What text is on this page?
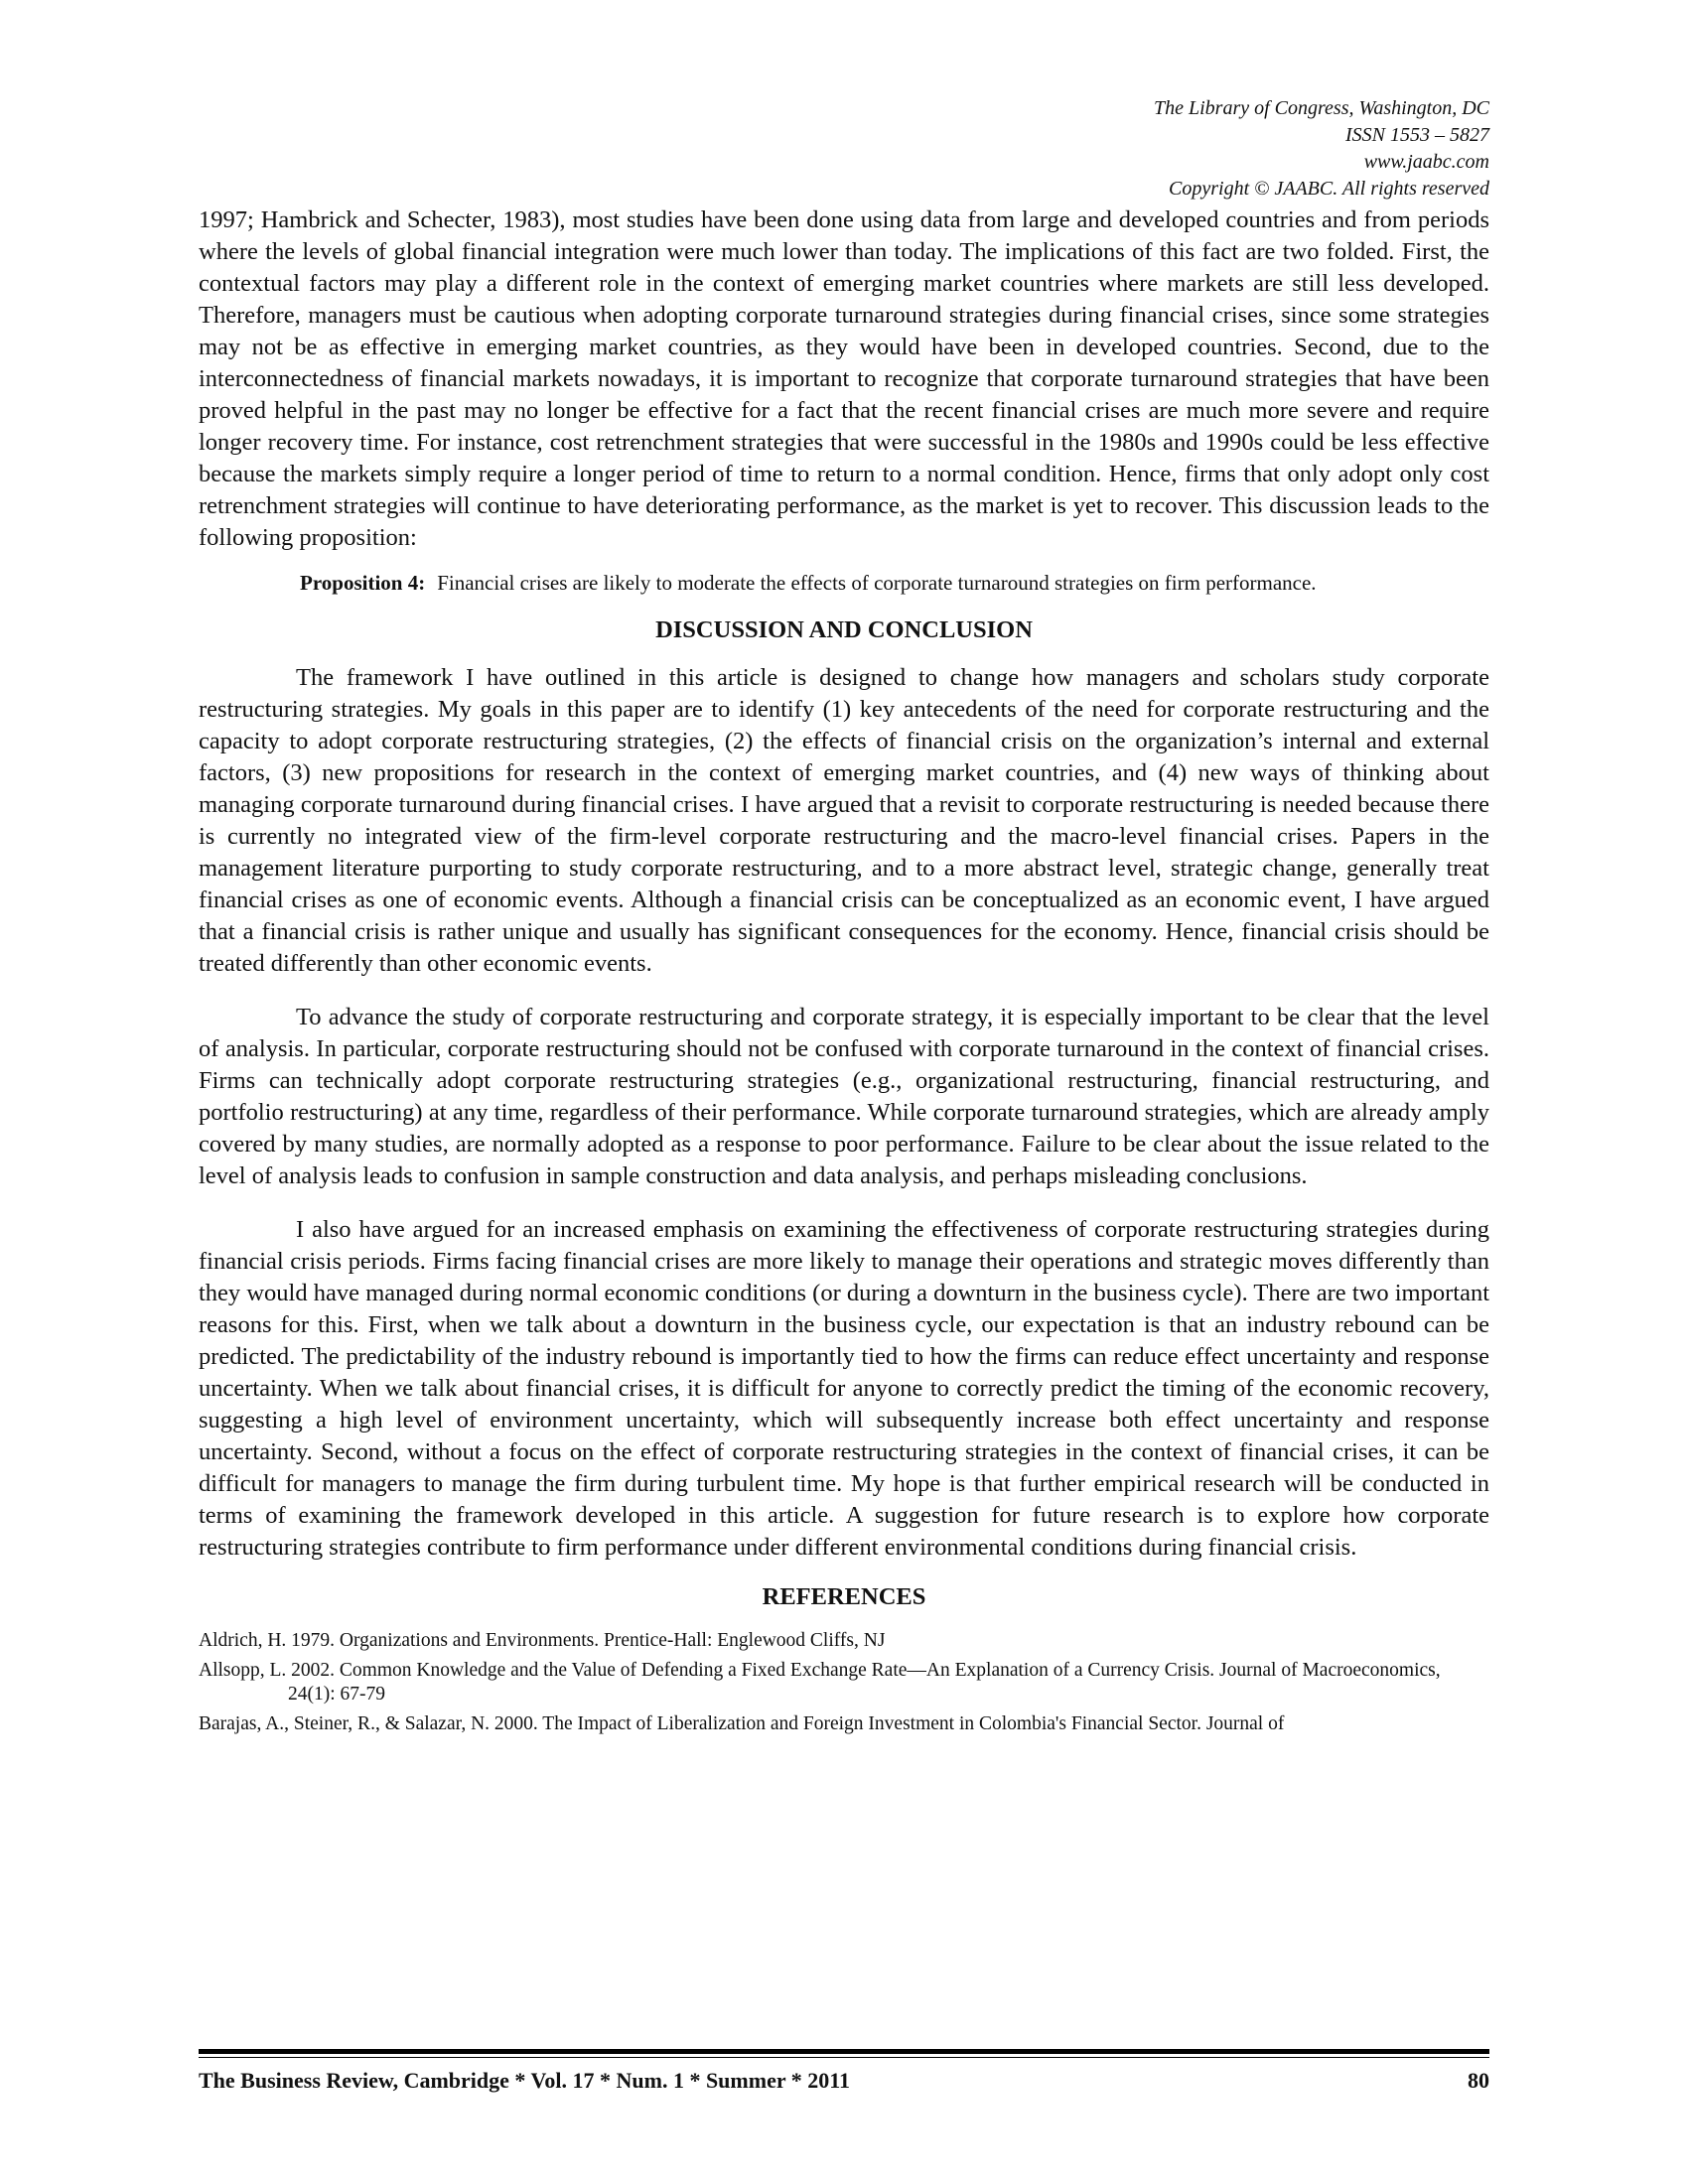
The Library of Congress, Washington, DC
ISSN 1553 – 5827
www.jaabc.com
Copyright © JAABC. All rights reserved

1997; Hambrick and Schecter, 1983), most studies have been done using data from large and developed countries and from periods where the levels of global financial integration were much lower than today. The implications of this fact are two folded. First, the contextual factors may play a different role in the context of emerging market countries where markets are still less developed. Therefore, managers must be cautious when adopting corporate turnaround strategies during financial crises, since some strategies may not be as effective in emerging market countries, as they would have been in developed countries. Second, due to the interconnectedness of financial markets nowadays, it is important to recognize that corporate turnaround strategies that have been proved helpful in the past may no longer be effective for a fact that the recent financial crises are much more severe and require longer recovery time. For instance, cost retrenchment strategies that were successful in the 1980s and 1990s could be less effective because the markets simply require a longer period of time to return to a normal condition. Hence, firms that only adopt only cost retrenchment strategies will continue to have deteriorating performance, as the market is yet to recover. This discussion leads to the following proposition:

Proposition 4: Financial crises are likely to moderate the effects of corporate turnaround strategies on firm performance.
DISCUSSION AND CONCLUSION

The framework I have outlined in this article is designed to change how managers and scholars study corporate restructuring strategies. My goals in this paper are to identify (1) key antecedents of the need for corporate restructuring and the capacity to adopt corporate restructuring strategies, (2) the effects of financial crisis on the organization’s internal and external factors, (3) new propositions for research in the context of emerging market countries, and (4) new ways of thinking about managing corporate turnaround during financial crises. I have argued that a revisit to corporate restructuring is needed because there is currently no integrated view of the firm-level corporate restructuring and the macro-level financial crises. Papers in the management literature purporting to study corporate restructuring, and to a more abstract level, strategic change, generally treat financial crises as one of economic events. Although a financial crisis can be conceptualized as an economic event, I have argued that a financial crisis is rather unique and usually has significant consequences for the economy. Hence, financial crisis should be treated differently than other economic events.

To advance the study of corporate restructuring and corporate strategy, it is especially important to be clear that the level of analysis. In particular, corporate restructuring should not be confused with corporate turnaround in the context of financial crises. Firms can technically adopt corporate restructuring strategies (e.g., organizational restructuring, financial restructuring, and portfolio restructuring) at any time, regardless of their performance. While corporate turnaround strategies, which are already amply covered by many studies, are normally adopted as a response to poor performance. Failure to be clear about the issue related to the level of analysis leads to confusion in sample construction and data analysis, and perhaps misleading conclusions.

I also have argued for an increased emphasis on examining the effectiveness of corporate restructuring strategies during financial crisis periods. Firms facing financial crises are more likely to manage their operations and strategic moves differently than they would have managed during normal economic conditions (or during a downturn in the business cycle). There are two important reasons for this. First, when we talk about a downturn in the business cycle, our expectation is that an industry rebound can be predicted. The predictability of the industry rebound is importantly tied to how the firms can reduce effect uncertainty and response uncertainty. When we talk about financial crises, it is difficult for anyone to correctly predict the timing of the economic recovery, suggesting a high level of environment uncertainty, which will subsequently increase both effect uncertainty and response uncertainty. Second, without a focus on the effect of corporate restructuring strategies in the context of financial crises, it can be difficult for managers to manage the firm during turbulent time. My hope is that further empirical research will be conducted in terms of examining the framework developed in this article. A suggestion for future research is to explore how corporate restructuring strategies contribute to firm performance under different environmental conditions during financial crisis.

REFERENCES

Aldrich, H. 1979. Organizations and Environments. Prentice-Hall: Englewood Cliffs, NJ

Allsopp, L. 2002. Common Knowledge and the Value of Defending a Fixed Exchange Rate—An Explanation of a Currency Crisis. Journal of Macroeconomics, 24(1): 67-79

Barajas, A., Steiner, R., & Salazar, N. 2000. The Impact of Liberalization and Foreign Investment in Colombia's Financial Sector. Journal of

The Business Review, Cambridge * Vol. 17 * Num. 1 * Summer * 2011	80
